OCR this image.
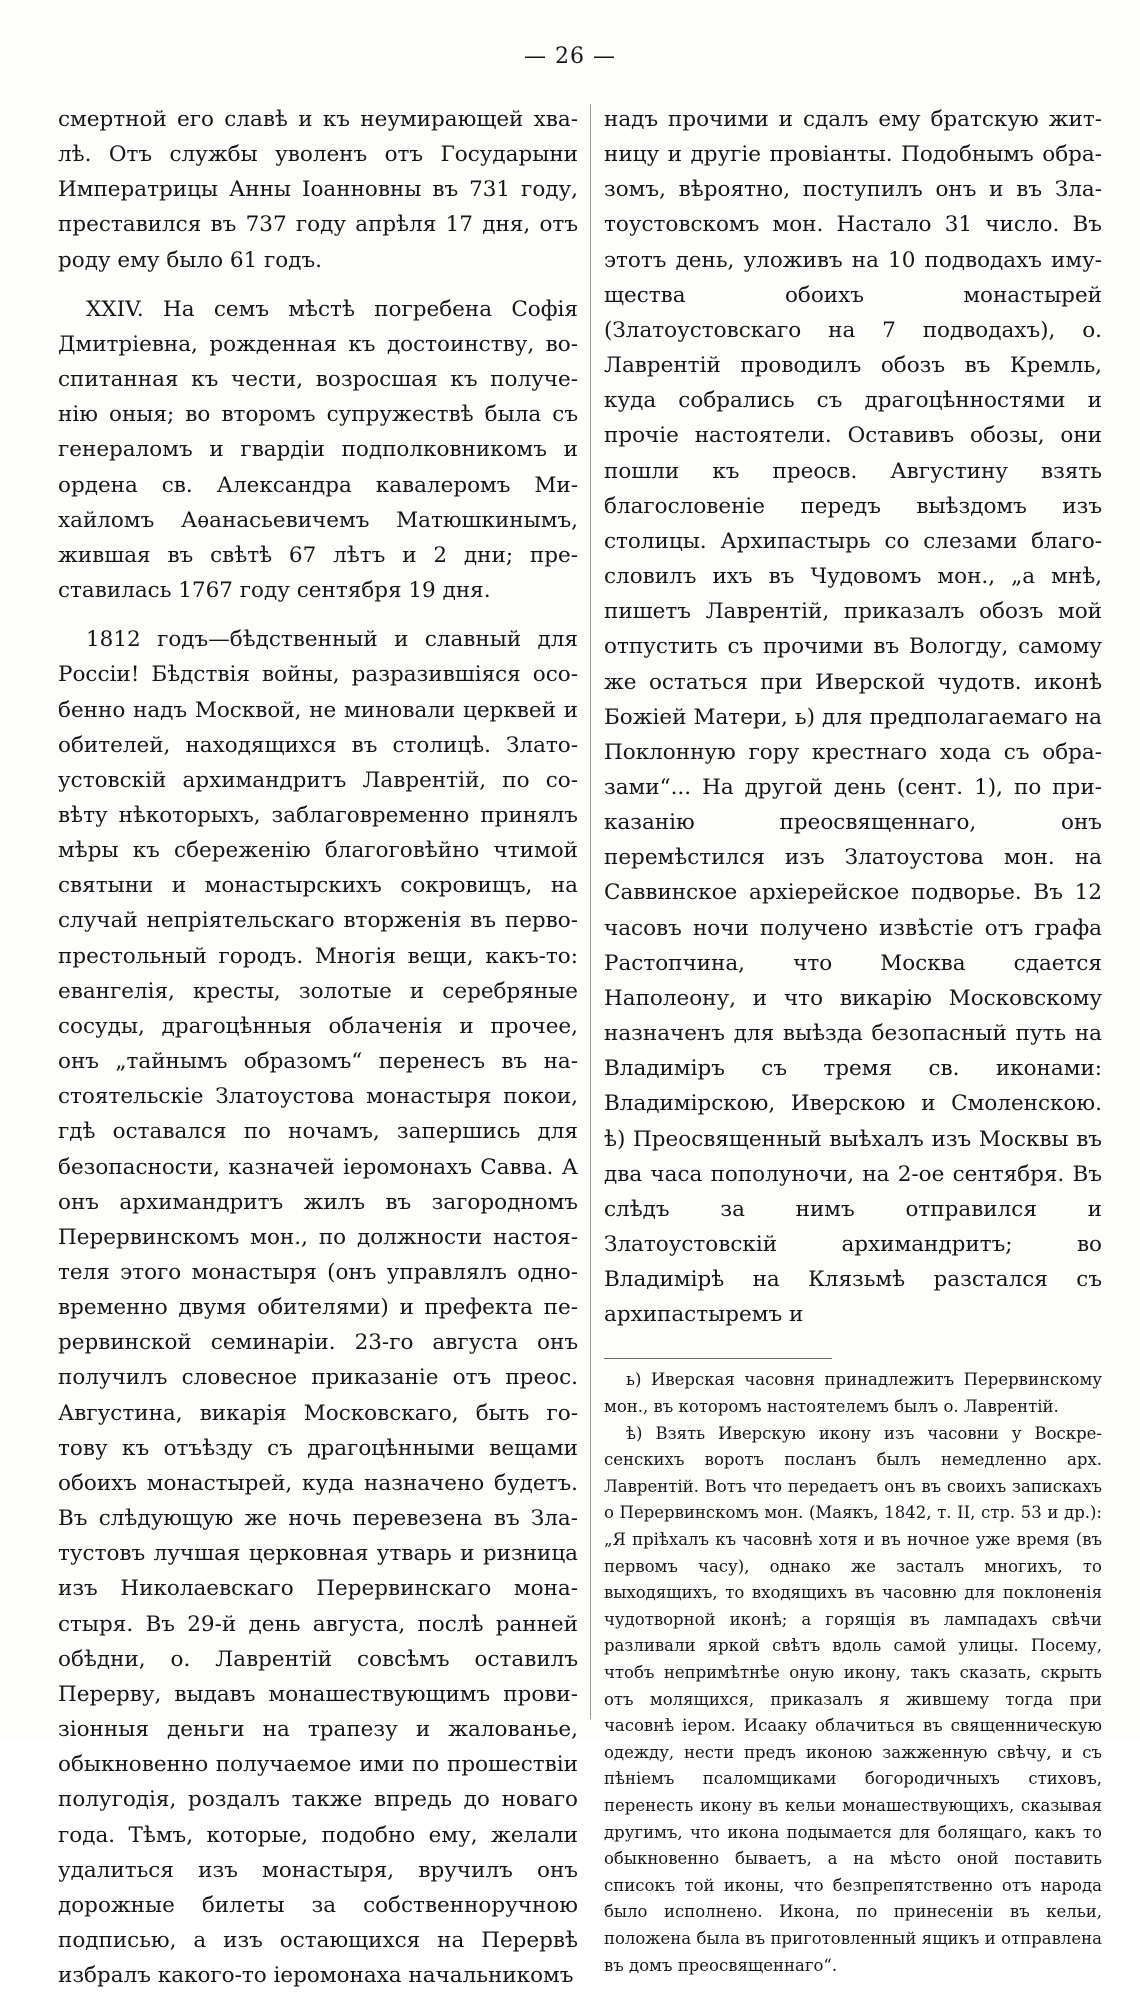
— 26 —

смертной его славѣ и къ неумирающей хвалѣ. Отъ службы уволенъ отъ Государыни Императрицы Анны Іоанновны въ 731 году, преставился въ 737 году апрѣля 17 дня, отъ роду ему было 61 годъ.

ХХIV. На семъ мѣстѣ погребена Софія Дмитріевна, рожденная къ достоинству, воспитанная къ чести, возросшая къ полученію оныя; во второмъ супружествѣ была съ генераломъ и гвардіи подполковникомъ и ордена св. Александра кавалеромъ Михайломъ Аѳанасьевичемъ Матюшкинымъ, жившая въ свѣтѣ 67 лѣтъ и 2 дни; преставилась 1767 году сентября 19 дня.

1812 годъ—бѣдственный и славный для Россіи! Бѣдствія войны, разразившіяся особенно надъ Москвой, не миновали церквей и обителей, находящихся въ столицѣ. Златоустовскій архимандритъ Лаврентій, по совѣту нѣкоторыхъ, заблаговременно принялъ мѣры къ сбереженію благоговѣйно чтимой святыни и монастырскихъ сокровищъ, на случай непріятельскаго вторженія въ первопрестольный городъ. Многія вещи, какъ-то: евангелія, кресты, золотые и серебряные сосуды, драгоцѣнныя облаченія и прочее, онъ „тайнымъ образомъ“ перенесъ въ настоятельскіе Златоустова монастыря покои, гдѣ оставался по ночамъ, запершись для безопасности, казначей іеромонахъ Савва. А онъ архимандритъ жилъ въ загородномъ Перервинскомъ мон., по должности настоятеля этого монастыря (онъ управлялъ одновременно двумя обителями) и префекта перервинской семинаріи. 23-го августа онъ получилъ словесное приказаніе отъ преос. Августина, викарія Московскаго, быть готову къ отъѣзду съ драгоцѣнными вещами обоихъ монастырей, куда назначено будетъ. Въ слѣдующую же ночь перевезена въ Златустовъ лучшая церковная утварь и ризница изъ Николаевскаго Перервинскаго монастыря. Въ 29-й день августа, послѣ ранней обѣдни, о. Лаврентій совсѣмъ оставилъ Перерву, выдавъ монашествующимъ провизіонныя деньги на трапезу и жалованье, обыкновенно получаемое ими по прошествіи полугодія, роздалъ также впредь до новаго года. Тѣмъ, которые, подобно ему, желали удалиться изъ монастыря, вручилъ онъ дорожные билеты за собственноручною подписью, а изъ остающихся на Перервѣ избралъ какого-то іеромонаха начальникомъ

надъ прочими и сдалъ ему братскую житницу и другіе провіанты. Подобнымъ образомъ, вѣроятно, поступилъ онъ и въ Златоустовскомъ мон. Настало 31 число. Въ этотъ день, уложивъ на 10 подводахъ имущества обоихъ монастырей (Златоустовскаго на 7 подводахъ), о. Лаврентій проводилъ обозъ въ Кремль, куда собрались съ драгоцѣнностями и прочіе настоятели. Оставивъ обозы, они пошли къ преосв. Августину взять благословеніе передъ выѣздомъ изъ столицы. Архипастырь со слезами благословилъ ихъ въ Чудовомъ мон., „а мнѣ, пишетъ Лаврентій, приказалъ обозъ мой отпустить съ прочими въ Вологду, самому же остаться при Иверской чудотв. иконѣ Божіей Матери, ь) для предполагаемаго на Поклонную гору крестнаго хода съ образами“... На другой день (сент. 1), по приказанію преосвященнаго, онъ перемѣстился изъ Златоустова мон. на Саввинское архіерейское подворье. Въ 12 часовъ ночи получено извѣстіе отъ графа Растопчина, что Москва сдается Наполеону, и что викарію Московскому назначенъ для выѣзда безопасный путь на Владиміръ съ тремя св. иконами: Владимірскою, Иверскою и Смоленскою. ѣ) Преосвященный выѣхалъ изъ Москвы въ два часа пополуночи, на 2-ое сентября. Въ слѣдъ за нимъ отправился и Златоустовскій архимандритъ; во Владимірѣ на Клязьмѣ разстался съ архипастыремъ и

ь) Иверская часовня принадлежитъ Перервинскому мон., въ которомъ настоятелемъ былъ о. Лаврентій.

ѣ) Взять Иверскую икону изъ часовни у Воскресенскихъ воротъ посланъ былъ немедленно арх. Лаврентій. Вотъ что передаетъ онъ въ своихъ запискахъ о Перервинскомъ мон. (Маякъ, 1842, т. II, стр. 53 и др.): „Я пріѣхалъ къ часовнѣ хотя и въ ночное уже время (въ первомъ часу), однако же засталъ многихъ, то выходящихъ, то входящихъ въ часовню для поклоненія чудотворной иконѣ; а горящія въ лампадахъ свѣчи разливали яркой свѣтъ вдоль самой улицы. Посему, чтобъ непримѣтнѣе оную икону, такъ сказать, скрыть отъ молящихся, приказалъ я жившему тогда при часовнѣ іером. Исааку облачиться въ священническую одежду, нести предъ иконою зажженную свѣчу, и съ пѣніемъ псаломщиками богородичныхъ стиховъ, перенесть икону въ кельи монашествующихъ, сказывая другимъ, что икона подымается для болящаго, какъ то обыкновенно бываетъ, а на мѣсто оной поставить списокъ той иконы, что безпрепятственно отъ народа было исполнено. Икона, по принесеніи въ кельи, положена была въ приготовленный ящикъ и отправлена въ домъ преосвященнаго“.
